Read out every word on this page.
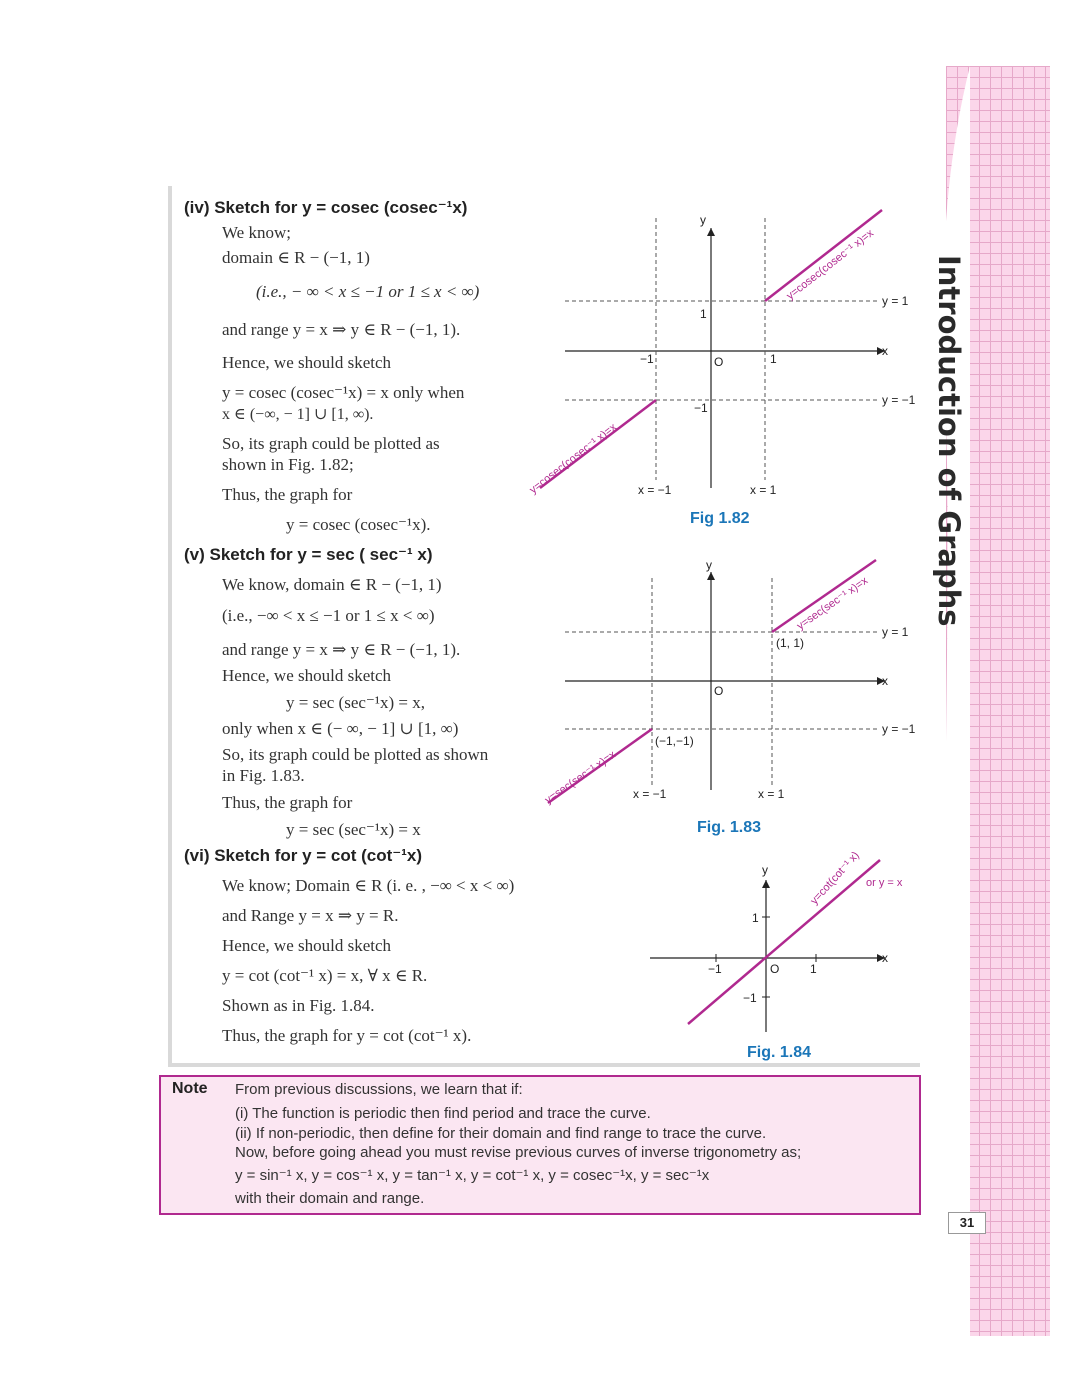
Introduction of Graphs
31
(iv) Sketch for y = cosec (cosec⁻¹x)
We know;
domain ∈ R − (−1, 1)
(i.e., − ∞ < x ≤ −1 or 1 ≤ x < ∞)
and range y = x ⇒ y ∈ R − (−1, 1).
Hence, we should sketch
y = cosec (cosec⁻¹x) = x only when
x ∈ (−∞, − 1] ∪ [1, ∞).
So, its graph could be plotted as
shown in Fig. 1.82;
Thus, the graph for
y = cosec (cosec⁻¹x).
(v) Sketch for y = sec ( sec⁻¹ x)
We know, domain ∈ R − (−1, 1)
(i.e., −∞ < x ≤ −1 or 1 ≤ x < ∞)
and range y = x ⇒ y ∈ R − (−1, 1).
Hence, we should sketch
y = sec (sec⁻¹x) = x,
only when x ∈ (− ∞, − 1] ∪ [1, ∞)
So, its graph could be plotted as shown
in Fig. 1.83.
Thus, the graph for
y = sec (sec⁻¹x) = x
(vi) Sketch for y = cot (cot⁻¹x)
We know; Domain ∈ R (i. e. , −∞ < x < ∞)
and Range y = x ⇒ y = R.
Hence, we should sketch
y = cot (cot⁻¹ x) = x, ∀ x ∈ R.
Shown as in Fig. 1.84.
Thus, the graph for y = cot (cot⁻¹ x).
y
x
O
y = 1
y = −1
x = −1	x = 1
1
1
−1
−1
y=cosec(cosec⁻¹ x)=x
y=cosec(cosec⁻¹ x)=x
Fig 1.82
y
x
O
y = 1
y = −1
x = −1	x = 1
(1, 1)
(−1,−1)
y=sec(sec⁻¹ x)=x
y=sec(sec⁻¹ x)=x
Fig. 1.83
y
x
O
1
−1
−1	1
y=cot(cot⁻¹ x) or y = x
Fig. 1.84
Note From previous discussions, we learn that if:
(i) The function is periodic then find period and trace the curve.
(ii) If non-periodic, then define for their domain and find range to trace the curve.
Now, before going ahead you must revise previous curves of inverse trigonometry as;
y = sin⁻¹ x, y = cos⁻¹ x, y = tan⁻¹ x, y = cot⁻¹ x, y = cosec⁻¹x, y = sec⁻¹x
with their domain and range.
